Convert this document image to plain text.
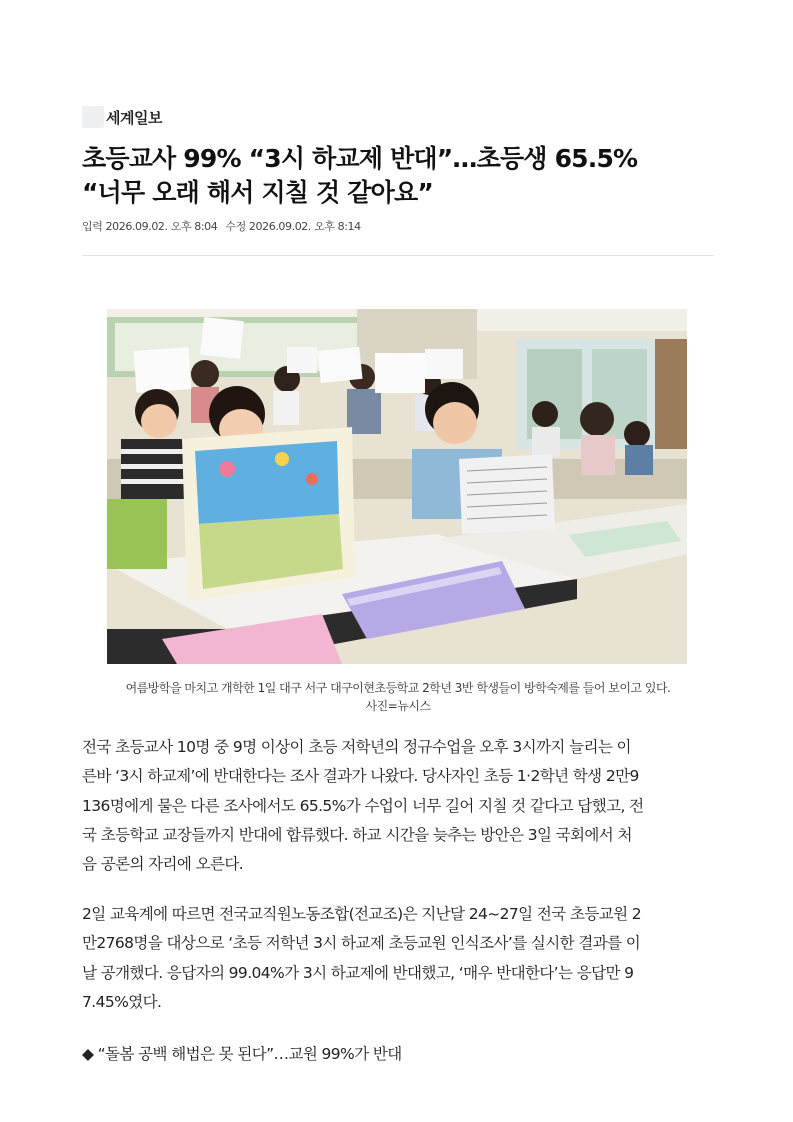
세계일보
초등교사 99% “3시 하교제 반대”…초등생 65.5%
“너무 오래 해서 지칠 것 같아요”
입력 2026.09.02. 오후 8:04 수정 2026.09.02. 오후 8:14
여름방학을 마치고 개학한 1일 대구 서구 대구이현초등학교 2학년 3반 학생들이 방학숙제를 들어 보이고 있다.
사진=뉴시스
전국 초등교사 10명 중 9명 이상이 초등 저학년의 정규수업을 오후 3시까지 늘리는 이
른바 ‘3시 하교제’에 반대한다는 조사 결과가 나왔다. 당사자인 초등 1·2학년 학생 2만9
136명에게 물은 다른 조사에서도 65.5%가 수업이 너무 길어 지칠 것 같다고 답했고, 전
국 초등학교 교장들까지 반대에 합류했다. 하교 시간을 늦추는 방안은 3일 국회에서 처
음 공론의 자리에 오른다.
2일 교육계에 따르면 전국교직원노동조합(전교조)은 지난달 24~27일 전국 초등교원 2
만2768명을 대상으로 ‘초등 저학년 3시 하교제 초등교원 인식조사’를 실시한 결과를 이
날 공개했다. 응답자의 99.04%가 3시 하교제에 반대했고, ‘매우 반대한다’는 응답만 9
7.45%였다.
◆ “돌봄 공백 해법은 못 된다”…교원 99%가 반대
